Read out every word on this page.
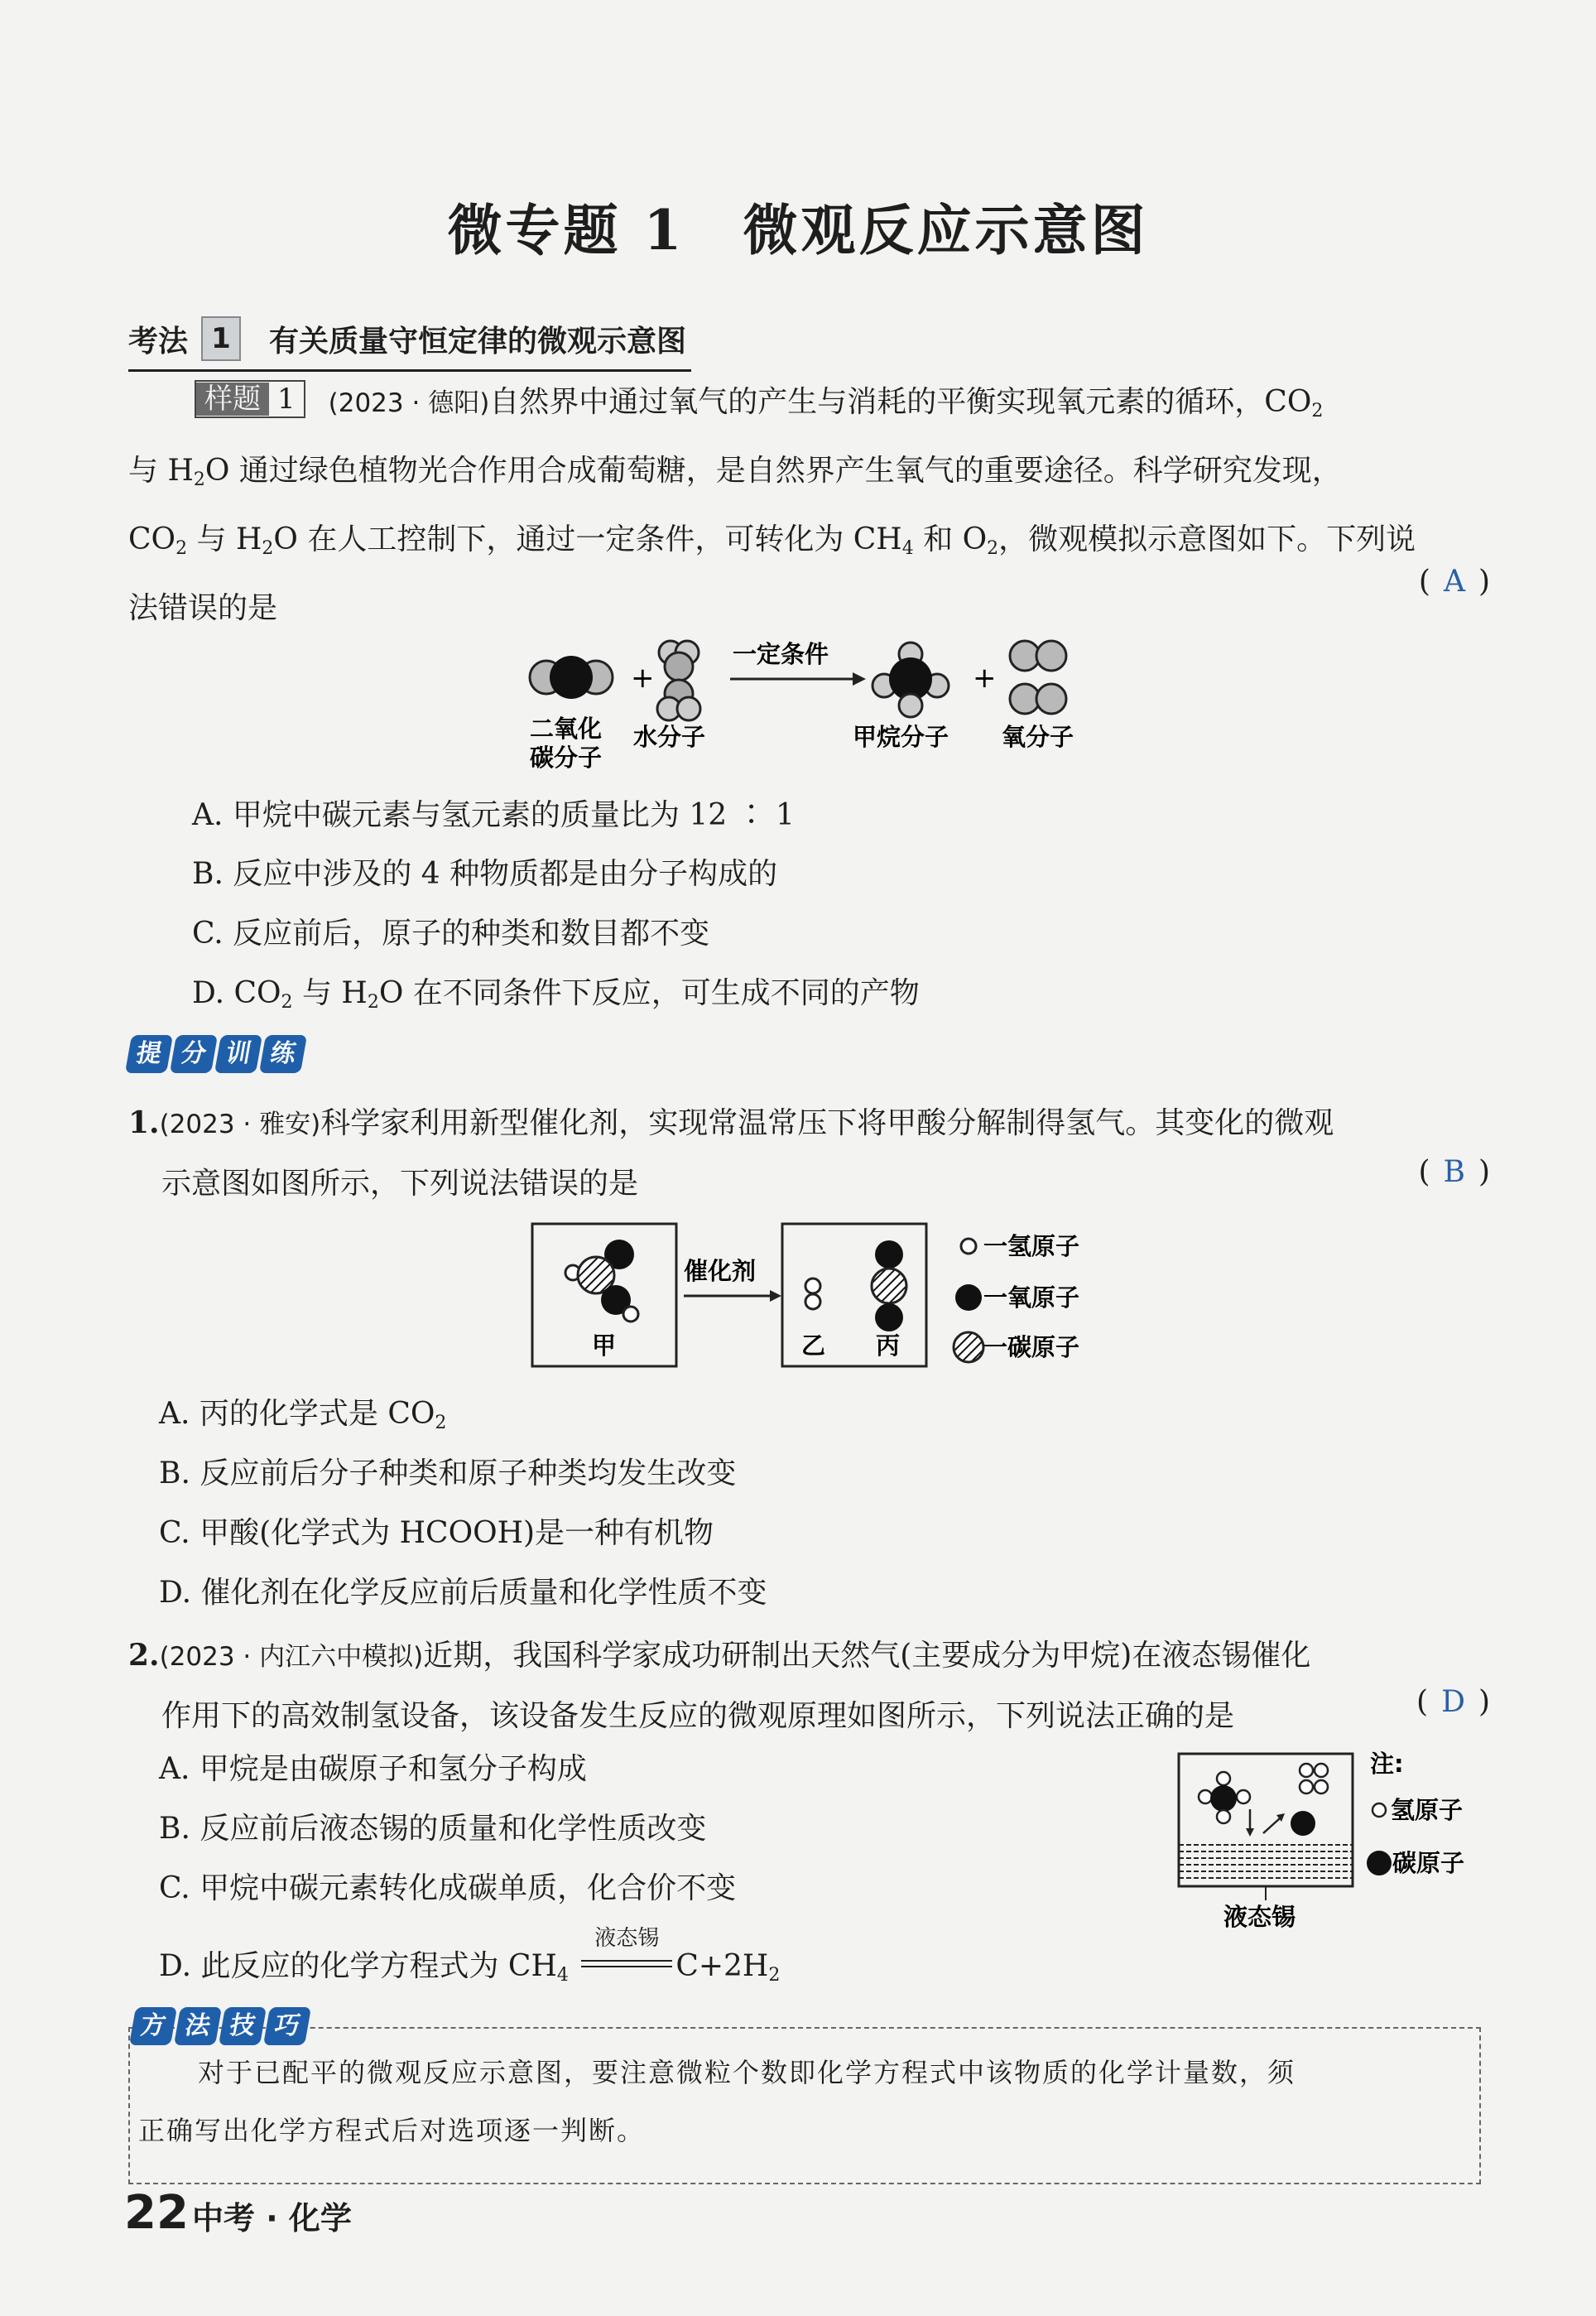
微专题 1　微观反应示意图
考法 1	有关质量守恒定律的微观示意图
样题 1 (2023 · 德阳)自然界中通过氧气的产生与消耗的平衡实现氧元素的循环，$CO_2$
与 $H_2O$ 通过绿色植物光合作用合成葡萄糖，是自然界产生氧气的重要途径。科学研究发现，
$CO_2$ 与 $H_2O$ 在人工控制下，通过一定条件，可转化为 $CH_4$ 和 $O_2$，微观模拟示意图如下。下列说
法错误的是
( A )
+
一定条件
+
二氧化
碳分子
水分子	甲烷分子 氧分子
A. 甲烷中碳元素与氢元素的质量比为 12 ∶ 1
B. 反应中涉及的 4 种物质都是由分子构成的
C. 反应前后，原子的种类和数目都不变
D. $CO_2$ 与 $H_2O$ 在不同条件下反应，可生成不同的产物
提 分 训 练
1.(2023 · 雅安)科学家利用新型催化剂，实现常温常压下将甲酸分解制得氢气。其变化的微观
示意图如图所示，下列说法错误的是	( B )
甲
催化剂
乙 丙
一氢原子
一氧原子
一碳原子
A. 丙的化学式是 $CO_2$
B. 反应前后分子种类和原子种类均发生改变
C. 甲酸(化学式为 HCOOH)是一种有机物
D. 催化剂在化学反应前后质量和化学性质不变
2.(2023 · 内江六中模拟)近期，我国科学家成功研制出天然气(主要成分为甲烷)在液态锡催化
作用下的高效制氢设备，该设备发生反应的微观原理如图所示，下列说法正确的是	( D )
A. 甲烷是由碳原子和氢分子构成
B. 反应前后液态锡的质量和化学性质改变
C. 甲烷中碳元素转化成碳单质，化合价不变
D. 此反应的化学方程式为 $CH_4$
液态锡
$C+2H_2$
液态锡
注:
氢原子
碳原子
对于已配平的微观反应示意图，要注意微粒个数即化学方程式中该物质的化学计量数，须
正确写出化学方程式后对选项逐一判断。
方 法 技 巧
22 中考 · 化学
